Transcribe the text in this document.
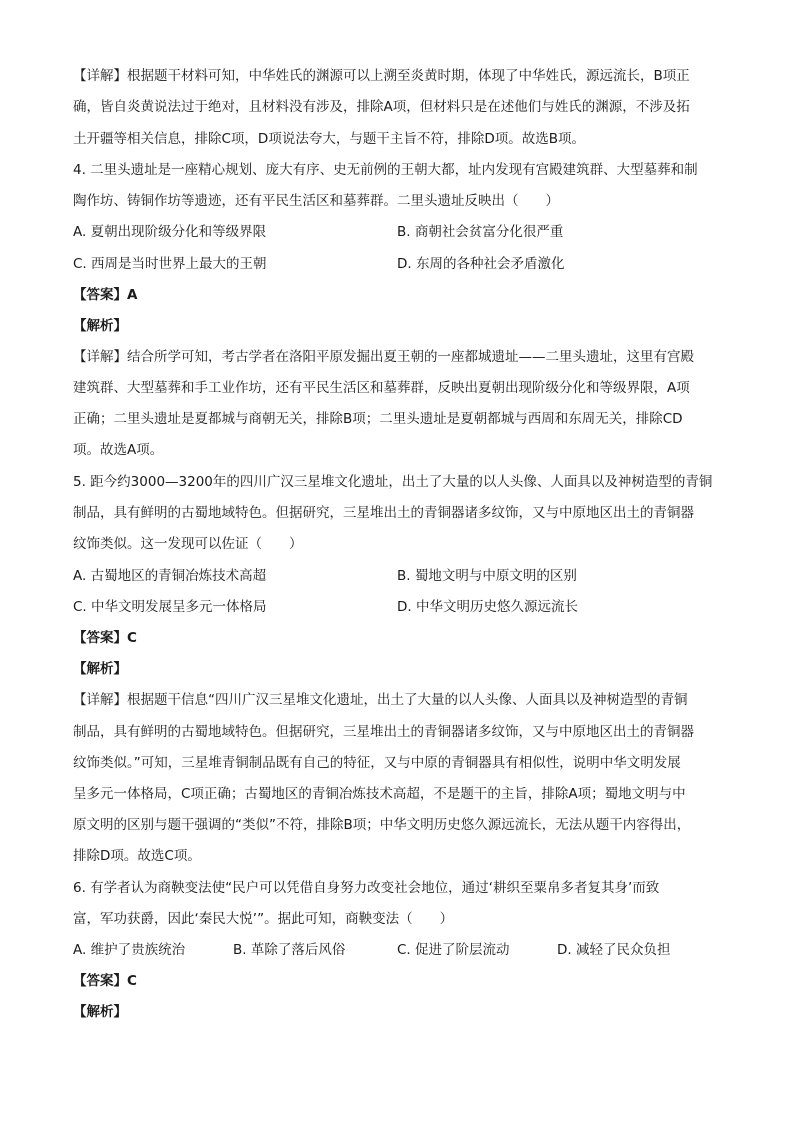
【详解】根据题干材料可知，中华姓氏的渊源可以上溯至炎黄时期，体现了中华姓氏，源远流长，B项正
确，皆自炎黄说法过于绝对，且材料没有涉及，排除A项，但材料只是在述他们与姓氏的渊源，不涉及拓
土开疆等相关信息，排除C项，D项说法夸大，与题干主旨不符，排除D项。故选B项。
4. 二里头遗址是一座精心规划、庞大有序、史无前例的王朝大都，址内发现有宫殿建筑群、大型墓葬和制
陶作坊、铸铜作坊等遗迹，还有平民生活区和墓葬群。二里头遗址反映出（　　）
A. 夏朝出现阶级分化和等级界限	B. 商朝社会贫富分化很严重
C. 西周是当时世界上最大的王朝	D. 东周的各种社会矛盾激化
【答案】A
【解析】
【详解】结合所学可知，考古学者在洛阳平原发掘出夏王朝的一座都城遗址——二里头遗址，这里有宫殿
建筑群、大型墓葬和手工业作坊，还有平民生活区和墓葬群，反映出夏朝出现阶级分化和等级界限，A项
正确；二里头遗址是夏都城与商朝无关，排除B项；二里头遗址是夏朝都城与西周和东周无关，排除CD
项。故选A项。
5. 距今约3000—3200年的四川广汉三星堆文化遗址，出土了大量的以人头像、人面具以及神树造型的青铜
制品，具有鲜明的古蜀地域特色。但据研究，三星堆出土的青铜器诸多纹饰，又与中原地区出土的青铜器
纹饰类似。这一发现可以佐证（　　）
A. 古蜀地区的青铜冶炼技术高超	B. 蜀地文明与中原文明的区别
C. 中华文明发展呈多元一体格局	D. 中华文明历史悠久源远流长
【答案】C
【解析】
【详解】根据题干信息“四川广汉三星堆文化遗址，出土了大量的以人头像、人面具以及神树造型的青铜
制品，具有鲜明的古蜀地域特色。但据研究，三星堆出土的青铜器诸多纹饰，又与中原地区出土的青铜器
纹饰类似。”可知，三星堆青铜制品既有自己的特征，又与中原的青铜器具有相似性，说明中华文明发展
呈多元一体格局，C项正确；古蜀地区的青铜冶炼技术高超，不是题干的主旨，排除A项；蜀地文明与中
原文明的区别与题干强调的“类似”不符，排除B项；中华文明历史悠久源远流长，无法从题干内容得出，
排除D项。故选C项。
6. 有学者认为商鞅变法使“民户可以凭借自身努力改变社会地位，通过‘耕织至粟帛多者复其身’而致
富，军功获爵，因此‘秦民大悦’”。据此可知，商鞅变法（　　）
A. 维护了贵族统治	B. 革除了落后风俗	C. 促进了阶层流动	D. 减轻了民众负担
【答案】C
【解析】
